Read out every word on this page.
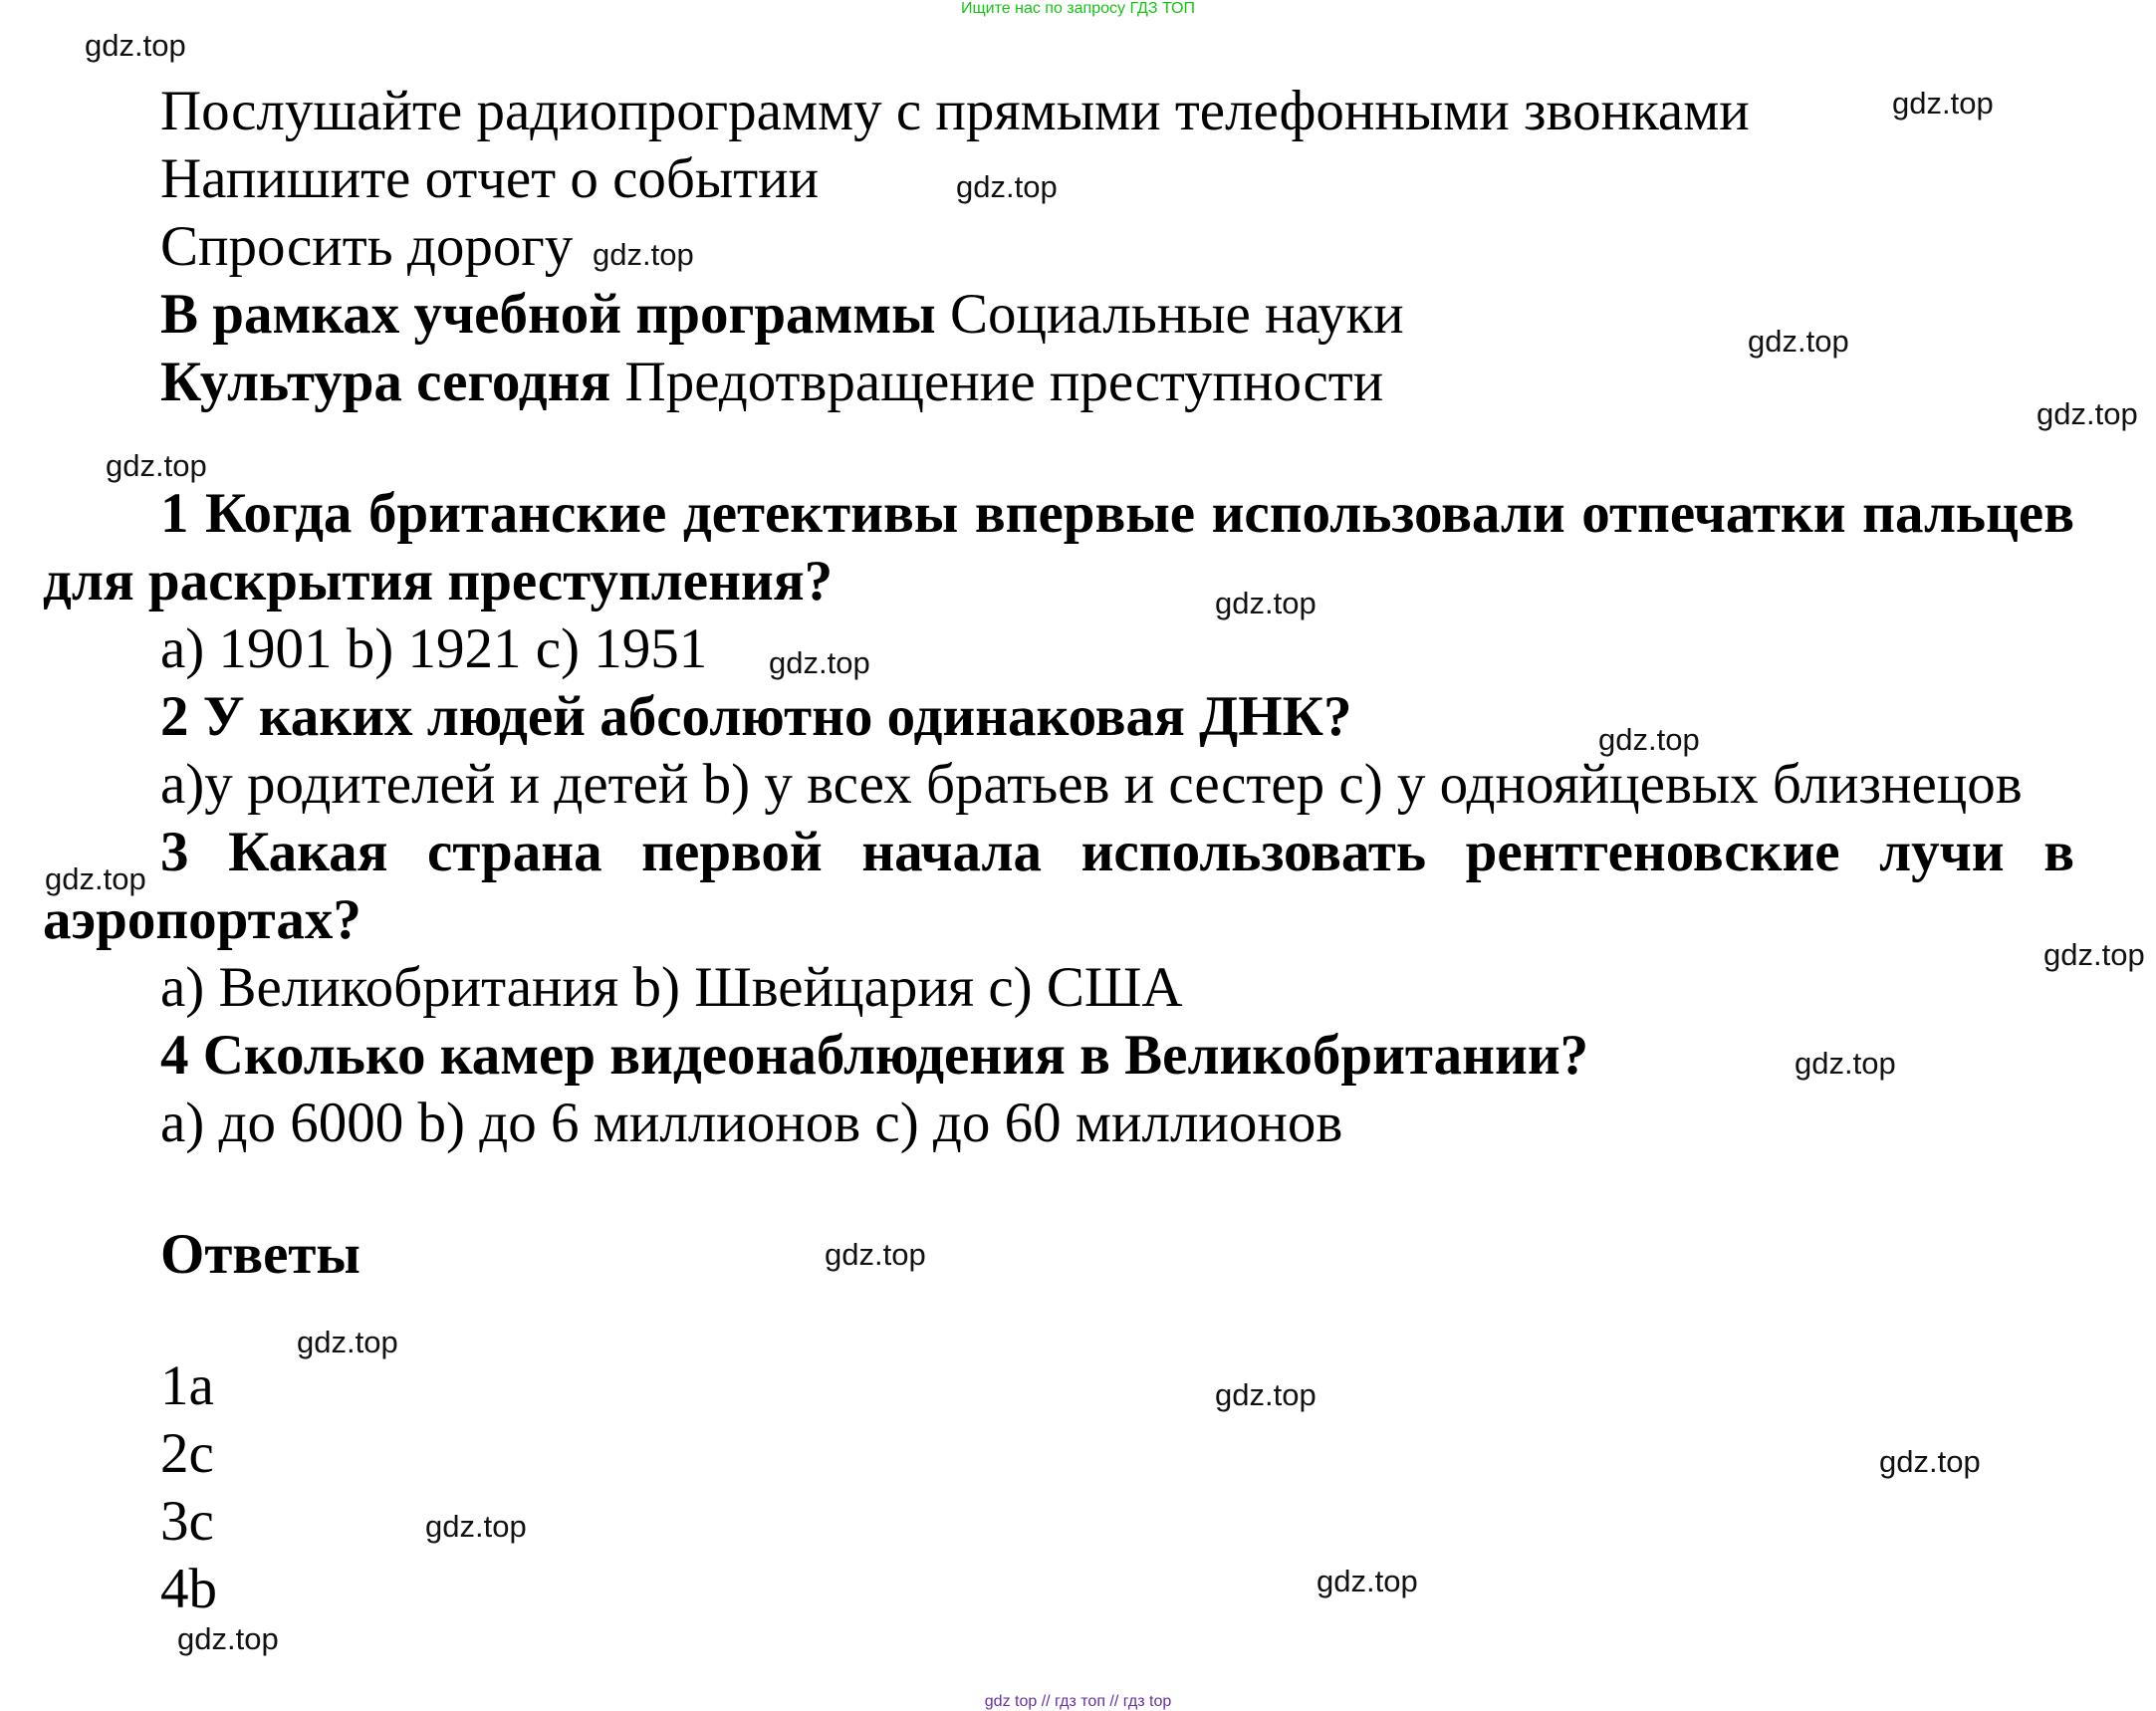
Ищите нас по запросу ГДЗ ТОП
Послушайте радиопрограмму с прямыми телефонными звонками
Напишите отчет о событии
Спросить дорогу
В рамках учебной программы Социальные науки
Культура сегодня Предотвращение преступности
1 Когда британские детективы впервые использовали отпечатки пальцев для раскрытия преступления?
a) 1901 b) 1921 c) 1951
2 У каких людей абсолютно одинаковая ДНК?
a)у родителей и детей b) у всех братьев и сестер c) у однояйцевых близнецов
3 Какая страна первой начала использовать рентгеновские лучи в аэропортах?
a) Великобритания b) Швейцария c) США
4 Сколько камер видеонаблюдения в Великобритании?
a) до 6000 b) до 6 миллионов c) до 60 миллионов
Ответы
1a
2c
3c
4b
gdz.top
gdz.top
gdz.top
gdz.top
gdz.top
gdz.top
gdz.top
gdz.top
gdz.top
gdz.top
gdz.top
gdz.top
gdz.top
gdz.top
gdz.top
gdz.top
gdz.top
gdz.top
gdz.top
gdz.top
gdz top // гдз топ // гдз top
